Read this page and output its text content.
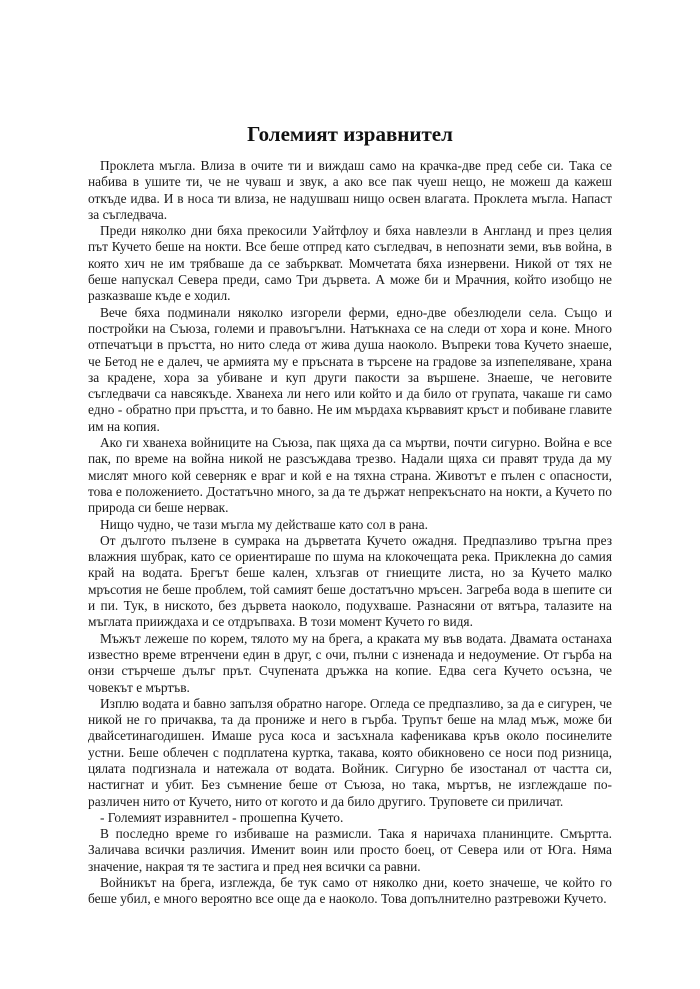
Големият изравнител

Проклета мъгла. Влиза в очите ти и виждаш само на крачка-две пред себе си. Така се набива в ушите ти, че не чуваш и звук, а ако все пак чуеш нещо, не можеш да кажеш откъде идва. И в носа ти влиза, не надушваш нищо освен влагата. Проклета мъгла. Напаст за съгледвача.

Преди няколко дни бяха прекосили Уайтфлоу и бяха навлезли в Англанд и през целия път Кучето беше на нокти. Все беше отпред като съгледвач, в непознати земи, във война, в която хич не им трябваше да се забъркват. Момчетата бяха изнервени. Никой от тях не беше напускал Севера преди, само Три дървета. А може би и Мрачния, който изобщо не разказваше къде е ходил.

Вече бяха подминали няколко изгорели ферми, едно-две обезлюдели села. Също и постройки на Съюза, големи и правоъгълни. Натъкнаха се на следи от хора и коне. Много отпечатъци в пръстта, но нито следа от жива душа наоколо. Въпреки това Кучето знаеше, че Бетод не е далеч, че армията му е пръсната в търсене на градове за изпепеляване, храна за крадене, хора за убиване и куп други пакости за вършене. Знаеше, че неговите съгледвачи са навсякъде. Хванеха ли него или който и да било от групата, чакаше ги само едно - обратно при пръстта, и то бавно. Не им мърдаха кървавият кръст и побиване главите им на копия.

Ако ги хванеха войниците на Съюза, пак щяха да са мъртви, почти сигурно. Война е все пак, по време на война никой не разсъждава трезво. Надали щяха си правят труда да му мислят много кой северняк е враг и кой е на тяхна страна. Животът е пълен с опасности, това е положението. Достатъчно много, за да те държат непрекъснато на нокти, а Кучето по природа си беше нервак.

Нищо чудно, че тази мъгла му действаше като сол в рана.

От дългото пълзене в сумрака на дърветата Кучето ожадня. Предпазливо тръгна през влажния шубрак, като се ориентираше по шума на клокочещата река. Приклекна до самия край на водата. Брегът беше кален, хлъзгав от гниещите листа, но за Кучето малко мръсотия не беше проблем, той самият беше достатъчно мръсен. Загреба вода в шепите си и пи. Тук, в ниското, без дървета наоколо, подухваше. Разнасяни от вятъра, талазите на мъглата прииждаха и се отдръпваха. В този момент Кучето го видя.

Мъжът лежеше по корем, тялото му на брега, а краката му във водата. Двамата останаха известно време втренчени един в друг, с очи, пълни с изненада и недоумение. От гърба на онзи стърчеше дълъг прът. Счупената дръжка на копие. Едва сега Кучето осъзна, че човекът е мъртъв.

Изплю водата и бавно запълзя обратно нагоре. Огледа се предпазливо, за да е сигурен, че никой не го причаква, та да прониже и него в гърба. Трупът беше на млад мъж, може би двайсетинагодишен. Имаше руса коса и засъхнала кафеникава кръв около посинелите устни. Беше облечен с подплатена куртка, такава, която обикновено се носи под ризница, цялата подгизнала и натежала от водата. Войник. Сигурно бе изостанал от частта си, настигнат и убит. Без съмнение беше от Съюза, но така, мъртъв, не изглеждаше по-различен нито от Кучето, нито от когото и да било другиго. Труповете си приличат.

- Големият изравнител - прошепна Кучето.

В последно време го избиваше на размисли. Така я наричаха планинците. Смъртта. Заличава всички различия. Именит воин или просто боец, от Севера или от Юга. Няма значение, накрая тя те застига и пред нея всички са равни.

Войникът на брега, изглежда, бе тук само от няколко дни, което значеше, че който го беше убил, е много вероятно все още да е наоколо. Това допълнително разтревожи Кучето.
